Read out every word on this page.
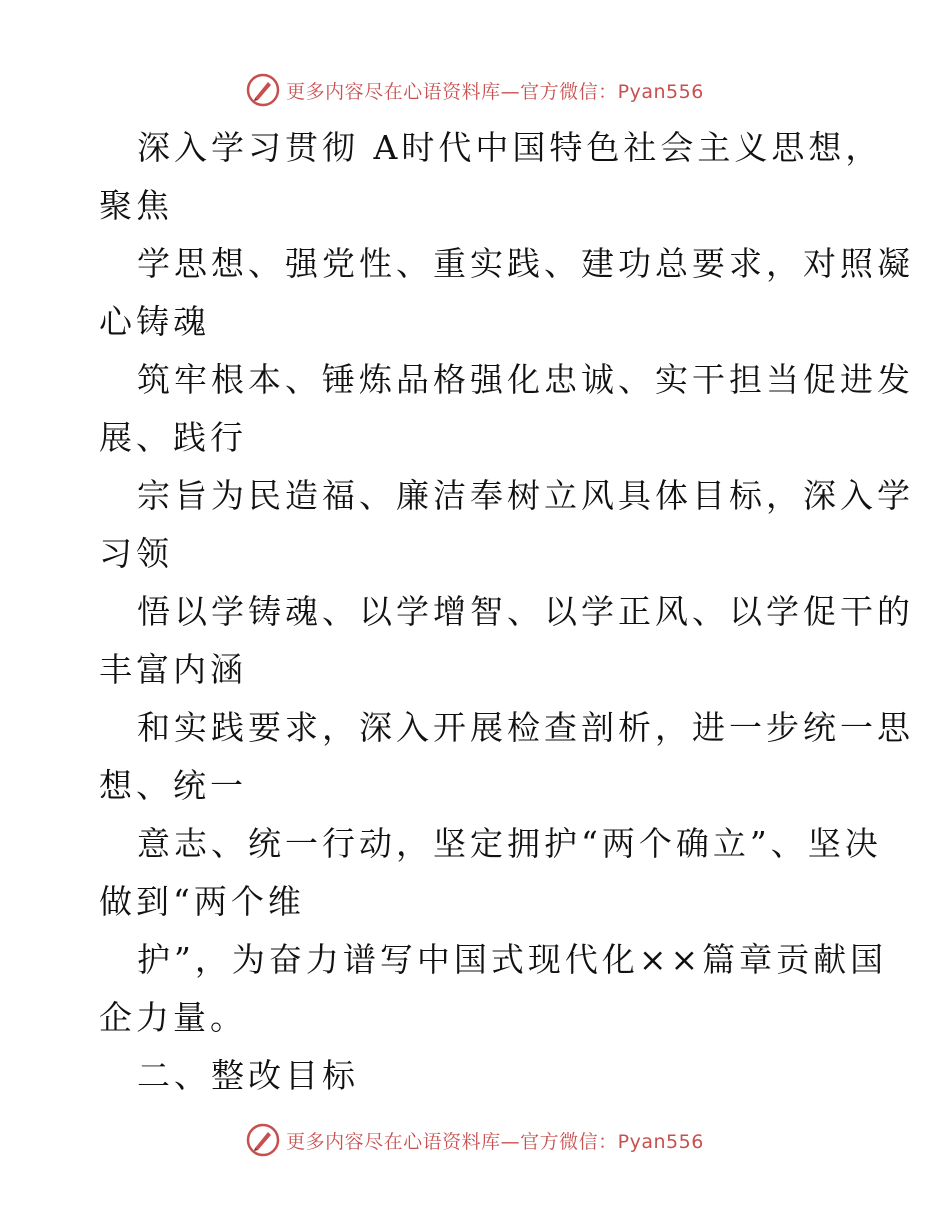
更多内容尽在心语资料库—官方微信：Pyan556
深入学习贯彻 A时代中国特色社会主义思想，
聚焦
学思想、强党性、重实践、建功总要求，对照凝
心铸魂
筑牢根本、锤炼品格强化忠诚、实干担当促进发
展、践行
宗旨为民造福、廉洁奉树立风具体目标，深入学
习领
悟以学铸魂、以学增智、以学正风、以学促干的
丰富内涵
和实践要求，深入开展检查剖析，进一步统一思
想、统一
意志、统一行动，坚定拥护“两个确立”、坚决
做到“两个维
护”，为奋力谱写中国式现代化××篇章贡献国
企力量。
二、整改目标
更多内容尽在心语资料库—官方微信：Pyan556
